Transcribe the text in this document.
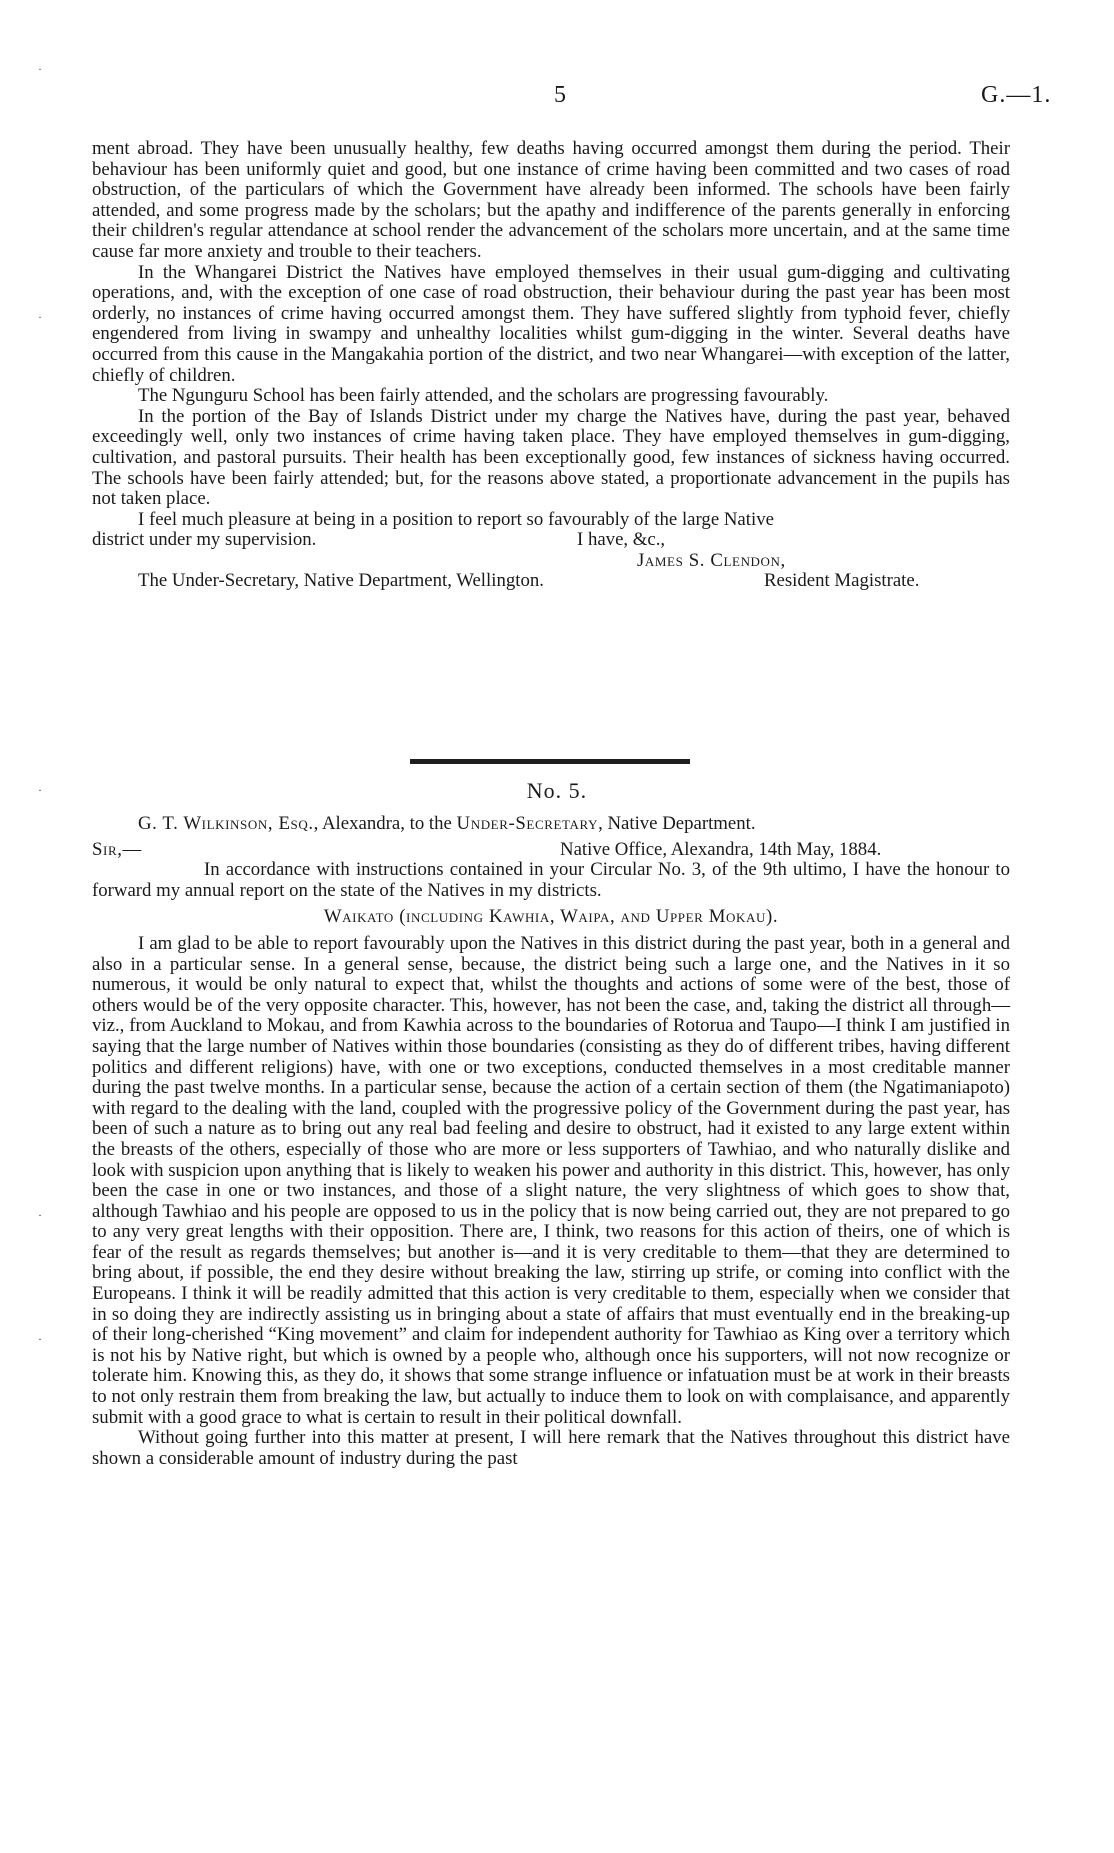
5	G.—1.
·

ment abroad. They have been unusually healthy, few deaths having occurred amongst them during the period. Their behaviour has been uniformly quiet and good, but one instance of crime having been committed and two cases of road obstruction, of the particulars of which the Government have already been informed. The schools have been fairly attended, and some progress made by the scholars; but the apathy and indifference of the parents generally in enforcing their children's regular attendance at school render the advancement of the scholars more uncertain, and at the same time cause far more anxiety and trouble to their teachers.

In the Whangarei District the Natives have employed themselves in their usual gum-digging and cultivating operations, and, with the exception of one case of road obstruction, their behaviour during the past year has been most orderly, no instances of crime having occurred amongst them. They have suffered slightly from typhoid fever, chiefly engendered from living in swampy and unhealthy localities whilst gum-digging in the winter. Several deaths have occurred from this cause in the Mangakahia portion of the district, and two near Whangarei—with exception of the latter, chiefly of children.

The Ngunguru School has been fairly attended, and the scholars are progressing favourably.

In the portion of the Bay of Islands District under my charge the Natives have, during the past year, behaved exceedingly well, only two instances of crime having taken place. They have employed themselves in gum-digging, cultivation, and pastoral pursuits. Their health has been exceptionally good, few instances of sickness having occurred. The schools have been fairly attended; but, for the reasons above stated, a proportionate advancement in the pupils has not taken place.

I feel much pleasure at being in a position to report so favourably of the large Native

district under my supervision.	I have, &c.,
James S. Clendon,
The Under-Secretary, Native Department, Wellington.	Resident Magistrate.
No. 5.
G. T. Wilkinson, Esq., Alexandra, to the Under-Secretary, Native Department.
Sir,—	Native Office, Alexandra, 14th May, 1884.

In accordance with instructions contained in your Circular No. 3, of the 9th ultimo, I have the honour to forward my annual report on the state of the Natives in my districts.

Waikato (including Kawhia, Waipa, and Upper Mokau).

I am glad to be able to report favourably upon the Natives in this district during the past year, both in a general and also in a particular sense. In a general sense, because, the district being such a large one, and the Natives in it so numerous, it would be only natural to expect that, whilst the thoughts and actions of some were of the best, those of others would be of the very opposite character. This, however, has not been the case, and, taking the district all through—viz., from Auckland to Mokau, and from Kawhia across to the boundaries of Rotorua and Taupo—I think I am justified in saying that the large number of Natives within those boundaries (consisting as they do of different tribes, having different politics and different religions) have, with one or two exceptions, conducted themselves in a most creditable manner during the past twelve months. In a particular sense, because the action of a certain section of them (the Ngatimaniapoto) with regard to the dealing with the land, coupled with the progressive policy of the Government during the past year, has been of such a nature as to bring out any real bad feeling and desire to obstruct, had it existed to any large extent within the breasts of the others, especially of those who are more or less supporters of Tawhiao, and who naturally dislike and look with suspicion upon anything that is likely to weaken his power and authority in this district. This, however, has only been the case in one or two instances, and those of a slight nature, the very slightness of which goes to show that, although Tawhiao and his people are opposed to us in the policy that is now being carried out, they are not prepared to go to any very great lengths with their opposition. There are, I think, two reasons for this action of theirs, one of which is fear of the result as regards themselves; but another is—and it is very creditable to them—that they are determined to bring about, if possible, the end they desire without breaking the law, stirring up strife, or coming into conflict with the Europeans. I think it will be readily admitted that this action is very creditable to them, especially when we consider that in so doing they are indirectly assisting us in bringing about a state of affairs that must eventually end in the breaking-up of their long-cherished “King movement” and claim for independent authority for Tawhiao as King over a territory which is not his by Native right, but which is owned by a people who, although once his supporters, will not now recognize or tolerate him. Knowing this, as they do, it shows that some strange influence or infatuation must be at work in their breasts to not only restrain them from breaking the law, but actually to induce them to look on with complaisance, and apparently submit with a good grace to what is certain to result in their political downfall.

Without going further into this matter at present, I will here remark that the Natives throughout this district have shown a considerable amount of industry during the past

·
·
·
·
